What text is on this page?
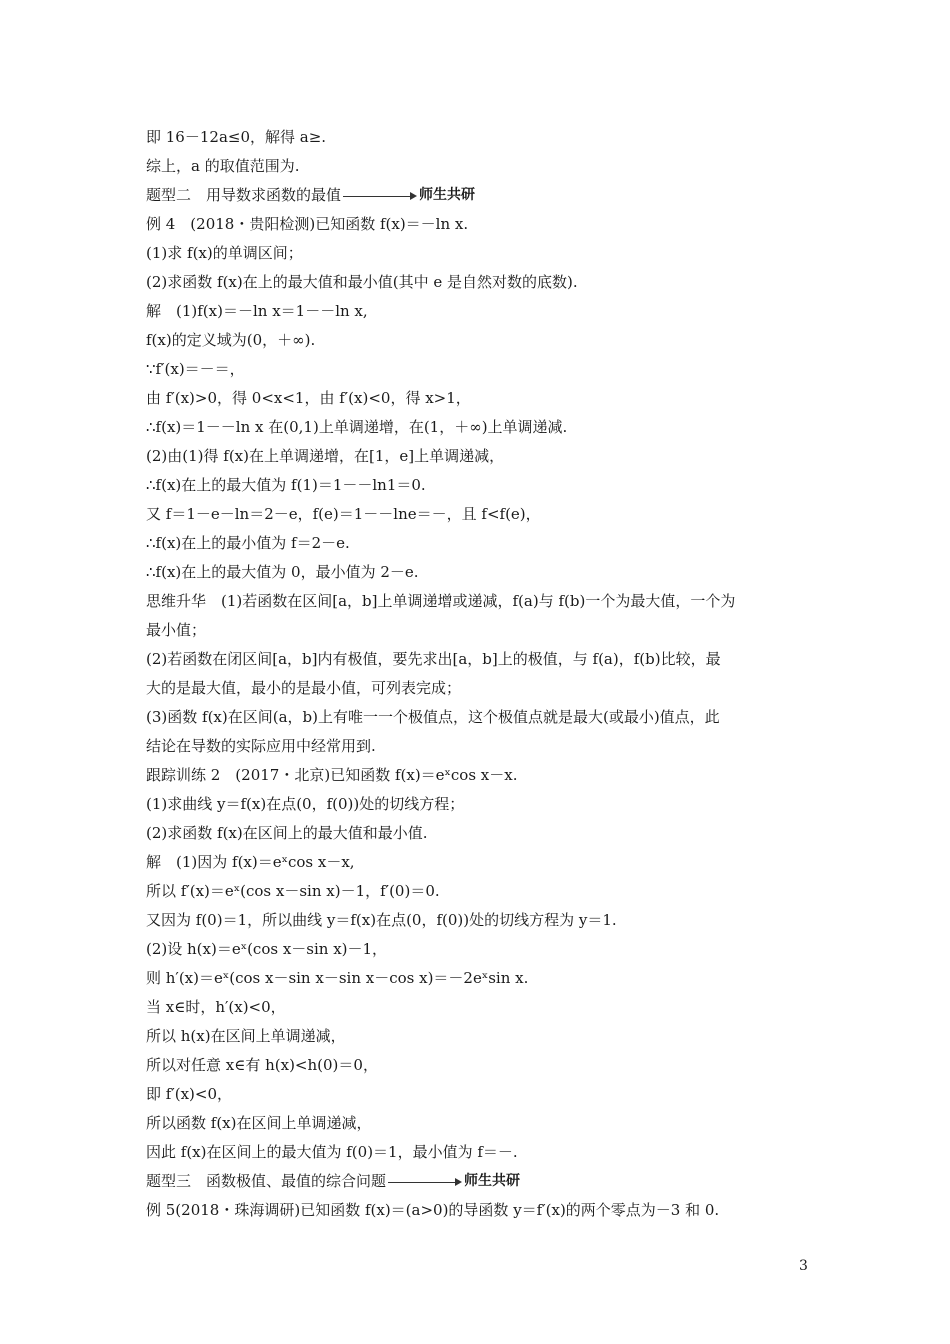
即 16－12a≤0，解得 a≥.
综上，a 的取值范围为.
题型二　用导数求函数的最值	师生共研
例 4　(2018・贵阳检测)已知函数 f(x)＝－ln x.
(1)求 f(x)的单调区间；
(2)求函数 f(x)在上的最大值和最小值(其中 e 是自然对数的底数).
解　(1)f(x)＝－ln x＝1－－ln x,
f(x)的定义域为(0，＋∞).
∵f′(x)＝－＝，
由 f′(x)>0，得 0<x<1，由 f′(x)<0，得 x>1，
∴f(x)＝1－－ln x 在(0,1)上单调递增，在(1，＋∞)上单调递减.
(2)由(1)得 f(x)在上单调递增，在[1，e]上单调递减，
∴f(x)在上的最大值为 f(1)＝1－－ln1＝0.
又 f＝1－e－ln＝2－e，f(e)＝1－－lne＝－，且 f<f(e)，
∴f(x)在上的最小值为 f＝2－e.
∴f(x)在上的最大值为 0，最小值为 2－e.
思维升华　(1)若函数在区间[a，b]上单调递增或递减，f(a)与 f(b)一个为最大值，一个为
最小值；
(2)若函数在闭区间[a，b]内有极值，要先求出[a，b]上的极值，与 f(a)，f(b)比较，最
大的是最大值，最小的是最小值，可列表完成；
(3)函数 f(x)在区间(a，b)上有唯一一个极值点，这个极值点就是最大(或最小)值点，此
结论在导数的实际应用中经常用到.
跟踪训练 2　(2017・北京)已知函数 f(x)＝eˣcos x－x.
(1)求曲线 y＝f(x)在点(0，f(0))处的切线方程；
(2)求函数 f(x)在区间上的最大值和最小值.
解　(1)因为 f(x)＝eˣcos x－x,
所以 f′(x)＝eˣ(cos x－sin x)－1，f′(0)＝0.
又因为 f(0)＝1，所以曲线 y＝f(x)在点(0，f(0))处的切线方程为 y＝1.
(2)设 h(x)＝eˣ(cos x－sin x)－1，
则 h′(x)＝eˣ(cos x－sin x－sin x－cos x)＝－2eˣsin x.
当 x∈时，h′(x)<0，
所以 h(x)在区间上单调递减，
所以对任意 x∈有 h(x)<h(0)＝0，
即 f′(x)<0，
所以函数 f(x)在区间上单调递减，
因此 f(x)在区间上的最大值为 f(0)＝1，最小值为 f＝－.
题型三　函数极值、最值的综合问题	师生共研
例 5(2018・珠海调研)已知函数 f(x)＝(a>0)的导函数 y＝f′(x)的两个零点为－3 和 0.
3
